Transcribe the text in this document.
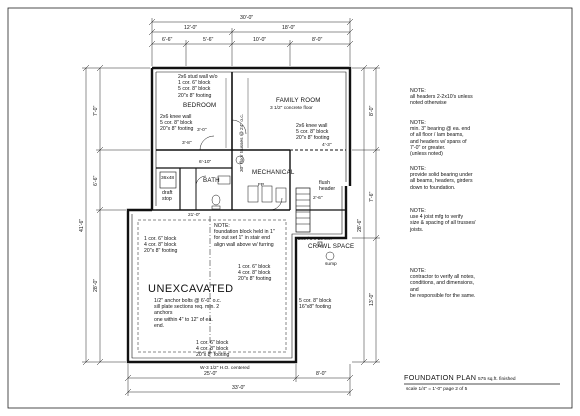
30'-0"
12'-0"	18'-0"
6'-6"	5'-6"	10'-0"	8'-0"
33'-0"
25'-0"	8'-0"
41'-6"
7'-0"
6'-6"
28'-0"
28'-6"
8'-0"
7'-6"
13'-0"
3'-0"
4'-3"
3'-8"
6'-10"
21'-0"
2'-6"
BEDROOM
FAMILY ROOM
MECHANICAL
BATH
CRAWL SPACE
UNEXCAVATED
2x6 stud wall w/o
1 cor. 6" block
5 cor. 8" block
20"x 8" footing
3 1/2" concrete floor
2x6 knee wall
5 cor. 8" block
20"x 8" footing
2x6 knee wall
5 cor. 8" block
20"x 8" footing
30" floor trusses @ 24" o.c.
NOTE:
foundation block held in 1"
for out set 1" in stair end
align wall above w/ furring
1 cor. 6" block
4 cor. 8" block
20"x 8" footing
1 cor. 6" block
4 cor. 8" block
20"x 8" footing
1/2" anchor bolts @ 6'-0" o.c.
sill plate sections req. min. 2 anchors
one within 4" to 12" of ea. end.
1 cor. 6" block
4 cor. 8" block
20"x 8" footing
5 cor. 8" block
16"x8" footing
W-3 1/2" H.O. centered
flush
header
2x6 / 8 x 16 o.c.
draft
stop
36x48
FP
sump
NOTE:
all headers 2-2x10's unless
noted otherwise
NOTE:
min. 3" bearing @ ea. end
of all floor / lam beams,
and headers w/ spans of
7'-0" or greater.
(unless noted)
NOTE:
provide solid bearing under
all beams, headers, girders
down to foundation.
NOTE:
use 4 joist mfg to verify
size & spacing of all trusses/
joists.
NOTE:
contractor to verify all notes,
conditions, and dimensions, and
be responsible for the same.
FOUNDATION PLAN 575 sq.ft. finished
scale 1/4" = 1'-0" page 2 of 5
